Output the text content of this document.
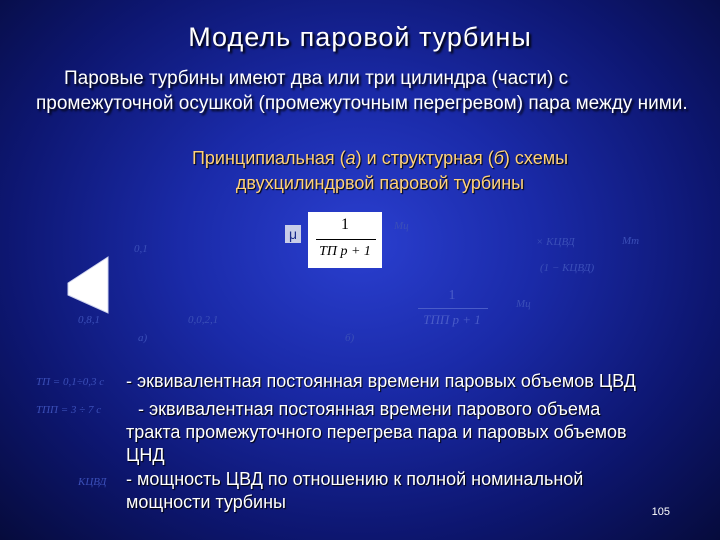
Модель паровой турбины
Паровые турбины имеют два или три цилиндра (части) с промежуточной осушкой (промежуточным перегревом) пара между ними.
Принципиальная (а) и структурная (б) схемы
двухцилиндрвой паровой турбины
0,1
0,8,1	0,0,2,1
а)	б)
μ
1
TП p + 1
1
TПП p + 1
Мц
Мт
Мц
× KЦВД
(1 − KЦВД)
TП = 0,1÷0,3 с - эквивалентная постоянная времени паровых объемов ЦВД
TПП = 3 ÷ 7 с	- эквивалентная постоянная времени парового объема тракта промежуточного перегрева пара и паровых объемов ЦНД
KЦВД - мощность ЦВД по отношению к полной номинальной мощности турбины	105
